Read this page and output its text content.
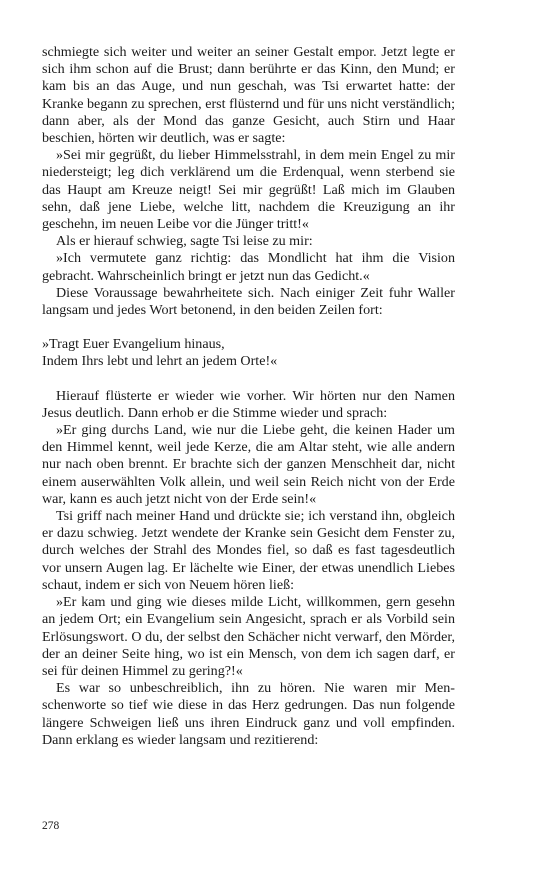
schmiegte sich weiter und weiter an seiner Gestalt empor. Jetzt legte er sich ihm schon auf die Brust; dann berührte er das Kinn, den Mund; er kam bis an das Auge, und nun geschah, was Tsi erwartet hatte: der Kranke begann zu sprechen, erst flüsternd und für uns nicht verständlich; dann aber, als der Mond das ganze Gesicht, auch Stirn und Haar beschien, hörten wir deutlich, was er sagte:

»Sei mir gegrüßt, du lieber Himmelsstrahl, in dem mein Engel zu mir niedersteigt; leg dich verklärend um die Erdenqual, wenn sterbend sie das Haupt am Kreuze neigt! Sei mir gegrüßt! Laß mich im Glauben sehn, daß jene Liebe, welche litt, nachdem die Kreuzigung an ihr geschehn, im neuen Leibe vor die Jünger tritt!«

Als er hierauf schwieg, sagte Tsi leise zu mir:

»Ich vermutete ganz richtig: das Mondlicht hat ihm die Vision gebracht. Wahrscheinlich bringt er jetzt nun das Gedicht.«

Diese Voraussage bewahrheitete sich. Nach einiger Zeit fuhr Waller langsam und jedes Wort betonend, in den beiden Zeilen fort:

»Tragt Euer Evangelium hinaus,
Indem Ihrs lebt und lehrt an jedem Orte!«

Hierauf flüsterte er wieder wie vorher. Wir hörten nur den Namen Jesus deutlich. Dann erhob er die Stimme wieder und sprach:

»Er ging durchs Land, wie nur die Liebe geht, die keinen Hader um den Himmel kennt, weil jede Kerze, die am Altar steht, wie alle andern nur nach oben brennt. Er brachte sich der ganzen Menschheit dar, nicht einem auserwählten Volk allein, und weil sein Reich nicht von der Erde war, kann es auch jetzt nicht von der Erde sein!«

Tsi griff nach meiner Hand und drückte sie; ich verstand ihn, obgleich er dazu schwieg. Jetzt wendete der Kranke sein Gesicht dem Fenster zu, durch welches der Strahl des Mondes fiel, so daß es fast tagesdeutlich vor unsern Augen lag. Er lächelte wie Einer, der etwas unendlich Liebes schaut, indem er sich von Neuem hören ließ:

»Er kam und ging wie dieses milde Licht, willkommen, gern gesehn an jedem Ort; ein Evangelium sein Angesicht, sprach er als Vorbild sein Erlösungswort. O du, der selbst den Schächer nicht verwarf, den Mörder, der an deiner Seite hing, wo ist ein Mensch, von dem ich sagen darf, er sei für deinen Himmel zu gering?!«

Es war so unbeschreiblich, ihn zu hören. Nie waren mir Menschenworte so tief wie diese in das Herz gedrungen. Das nun folgende längere Schweigen ließ uns ihren Eindruck ganz und voll empfinden. Dann erklang es wieder langsam und rezitierend:

278
